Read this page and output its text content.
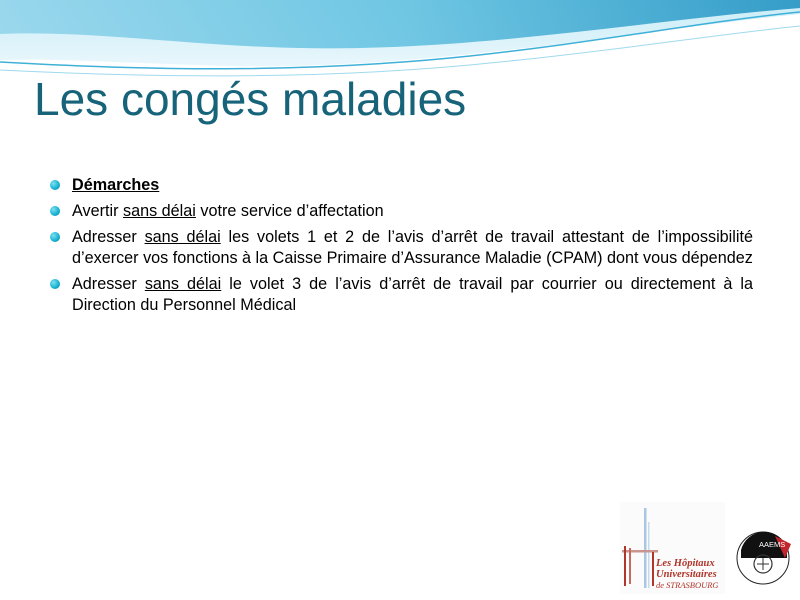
Les congés maladies
Démarches
Avertir sans délai votre service d’affectation
Adresser sans délai les volets 1 et 2 de l’avis d’arrêt de travail attestant de l’impossibilité d’exercer vos fonctions à la Caisse Primaire d’Assurance Maladie (CPAM) dont vous dépendez
Adresser sans délai le volet 3 de l’avis d’arrêt de travail par courrier ou directement à la Direction du Personnel Médical
Les Hôpitaux
Universitaires
de STRASBOURG
AAEMS
